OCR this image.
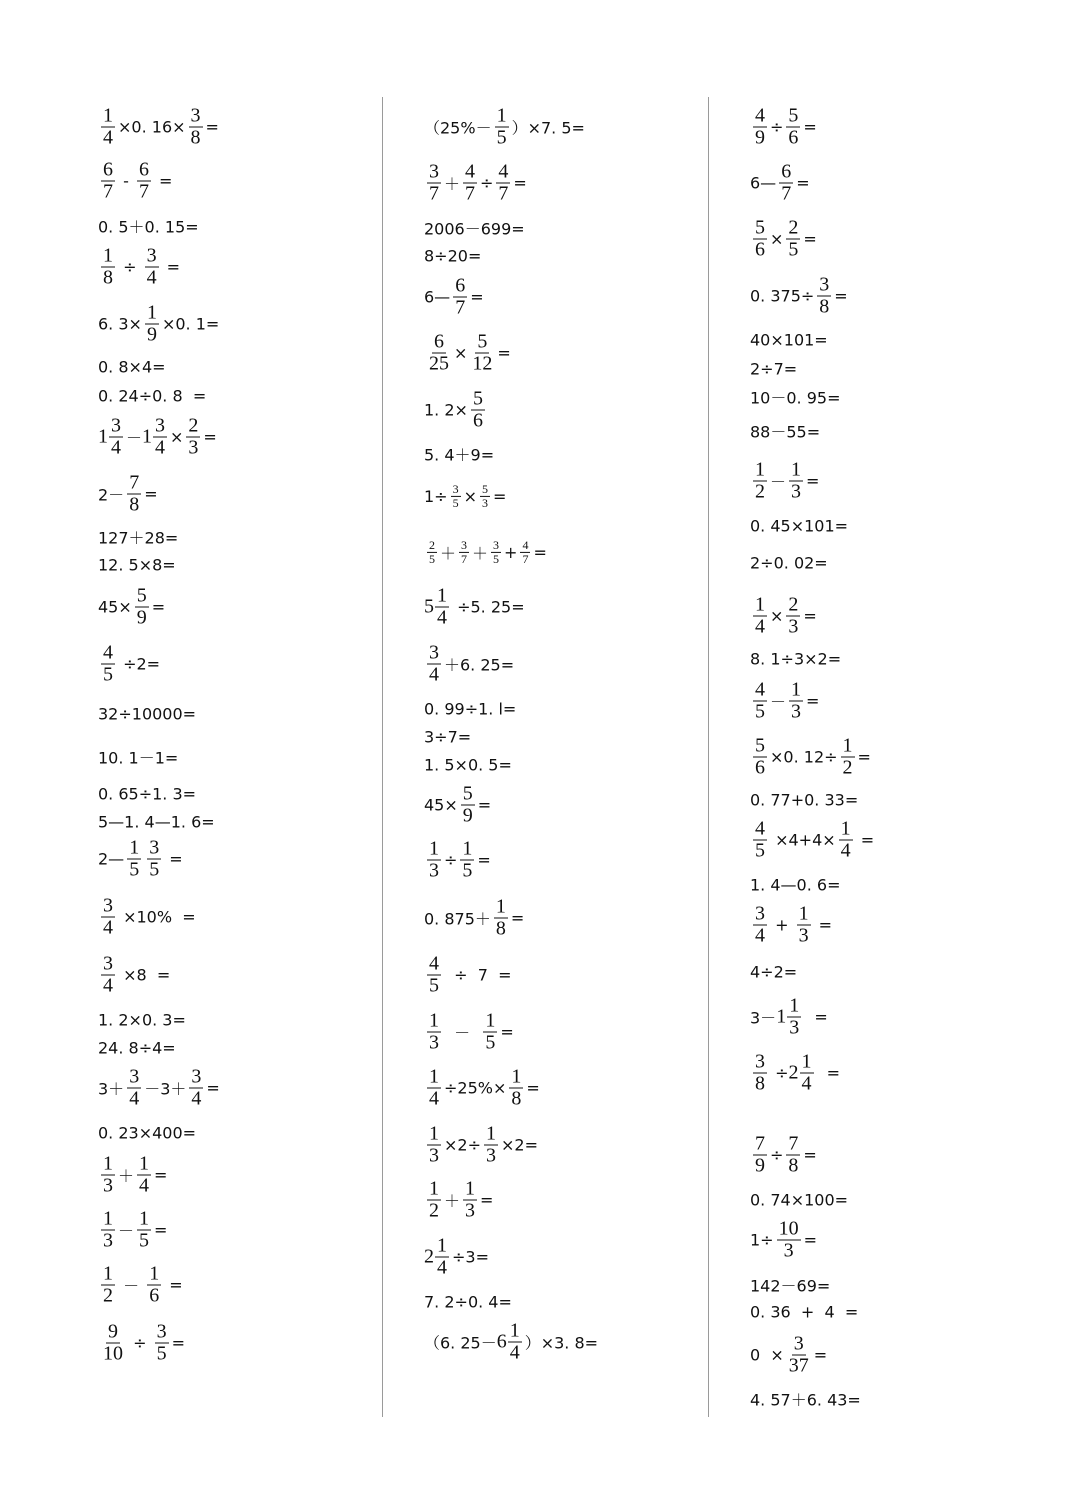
$\frac{1}{4} \times 0$. $16\times \frac{3}{8}$ =
$\frac{6}{7} - \frac{6}{7}$ =
0. 5＋0. 15=
$\frac{1}{8} \div \frac{3}{4}$ =
6. $3\times \frac{1}{9} \times 0$. 1=
0. 8×4=
0. 24÷0. 8  =
$1 \frac{3}{4} - 1 \frac{3}{4} \times \frac{2}{3}$ =
$2- \frac{7}{8}$ =
127＋28=
12. 5×8=
$45\times \frac{5}{9}$ =
$\frac{4}{5} \div 2=$
32÷10000=
10. 1－1=
0. 65÷1. 3=
5—1. 4—1. 6=
2— $\frac{1}{5} \frac{3}{5}$ =
$\frac{3}{4} \times 10\%$  =
$\frac{3}{4} \times 8$  =
1. 2×0. 3=
24. 8÷4=
$3+ \frac{3}{4} -3+ \frac{3}{4}$ =
0. 23×400=
$\frac{1}{3} + \frac{1}{4}$ =
$\frac{1}{3} - \frac{1}{5}$ =
$\frac{1}{2} - \frac{1}{6}$ =
$\frac{9}{10} \div \frac{3}{5}$ =
$(25\%- \frac{1}{5} )\times 7$. 5=
$\frac{3}{7} + \frac{4}{7} \div \frac{4}{7}$ =
2006－699=
8÷20=
6— $\frac{6}{7}$ =
$\frac{6}{25} \times \frac{5}{12}$ =
1. $2\times \frac{5}{6}$
5. 4＋9=
$1\div \frac{3}{5} \times \frac{5}{3}$ =
$\frac{2}{5} + \frac{3}{7} + \frac{3}{5} + \frac{4}{7}$ =
$5 \frac{1}{4} \div 5$. 25=
$\frac{3}{4} +6$. 25=
0. 99÷1. l=
3÷7=
1. 5×0. 5=
$45\times \frac{5}{9}$ =
$\frac{1}{3} \div \frac{1}{5}$ =
0. $875+ \frac{1}{8}$ =
$\frac{4}{5} \div 7$  =
$\frac{1}{3} - \frac{1}{5}$ =
$\frac{1}{4} \div 25\%\times \frac{1}{8}$ =
$\frac{1}{3} \times 2\div \frac{1}{3} \times 2=$
$\frac{1}{2} + \frac{1}{3}$ =
$2 \frac{1}{4} \div 3=$
7. 2÷0. 4=
（6. $25- 6 \frac{1}{4} )\times 3$. 8=
$\frac{4}{9} \div \frac{5}{6}$ =
6— $\frac{6}{7}$ =
$\frac{5}{6} \times \frac{2}{5}$ =
0. $375\div \frac{3}{8}$ =
40×101=
2÷7=
10－0. 95=
88－55=
$\frac{1}{2} - \frac{1}{3}$ =
0. 45×101=
2÷0. 02=
$\frac{1}{4} \times \frac{2}{3}$ =
8. 1÷3×2=
$\frac{4}{5} - \frac{1}{3}$ =
$\frac{5}{6} \times 0$. $12\div \frac{1}{2}$ =
0. 77+0. 33=
$\frac{4}{5} \times 4+4\times \frac{1}{4}$ =
1. 4—0. 6=
$\frac{3}{4} + \frac{1}{3}$ =
4÷2=
$3- 1 \frac{1}{3}$ =
$\frac{3}{8} \div 2 \frac{1}{4}$ =
$\frac{7}{9} \div \frac{7}{8}$ =
0. 74×100=
$1\div \frac{10}{3}$ =
142－69=
0. 36  +  4  =
$0 \times \frac{3}{37}$ =
4. 57＋6. 43=
